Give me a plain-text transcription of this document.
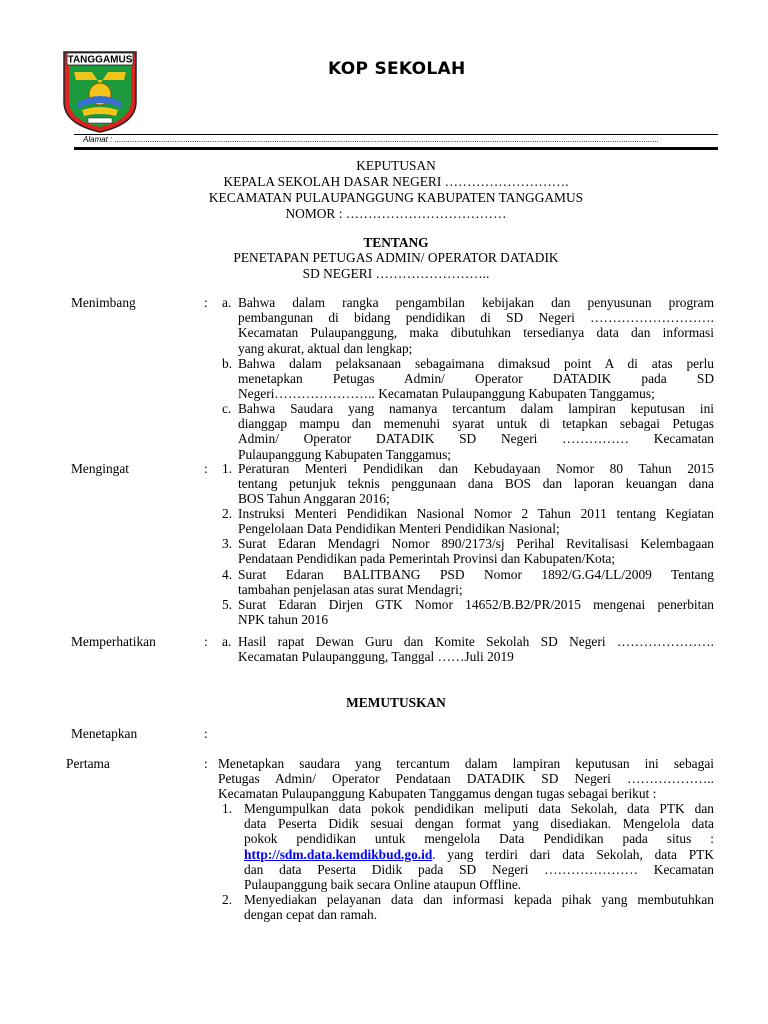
TANGGAMUS	KOP SEKOLAH
Alamat : .....................................................................................................................................................................................................................................................
KEPUTUSAN
KEPALA SEKOLAH DASAR NEGERI ……………………….
KECAMATAN PULAUPANGGUNG KABUPATEN TANGGAMUS
NOMOR : ………………………………
TENTANG
PENETAPAN PETUGAS ADMIN/ OPERATOR DATADIK
SD NEGERI ……………………..
Menimbang	: a. Bahwa dalam rangka pengambilan kebijakan dan penyusunan program
pembangunan di bidang pendidikan di SD Negeri ……………………….
Kecamatan Pulaupanggung, maka dibutuhkan tersedianya data dan informasi
yang akurat, aktual dan lengkap;
b. Bahwa dalam pelaksanaan sebagaimana dimaksud point A di atas perlu
menetapkan Petugas Admin/ Operator DATADIK pada SD
Negeri………………….. Kecamatan Pulaupanggung Kabupaten Tanggamus;
c. Bahwa Saudara yang namanya tercantum dalam lampiran keputusan ini
dianggap mampu dan memenuhi syarat untuk di tetapkan sebagai Petugas
Admin/ Operator DATADIK SD Negeri …………… Kecamatan
Pulaupanggung Kabupaten Tanggamus;
Mengingat	: 1. Peraturan Menteri Pendidikan dan Kebudayaan Nomor 80 Tahun 2015
tentang petunjuk teknis penggunaan dana BOS dan laporan keuangan dana
BOS Tahun Anggaran 2016;
2. Instruksi Menteri Pendidikan Nasional Nomor 2 Tahun 2011 tentang Kegiatan
Pengelolaan Data Pendidikan Menteri Pendidikan Nasional;
3. Surat Edaran Mendagri Nomor 890/2173/sj Perihal Revitalisasi Kelembagaan
Pendataan Pendidikan pada Pemerintah Provinsi dan Kabupaten/Kota;
4. Surat Edaran BALITBANG PSD Nomor 1892/G.G4/LL/2009 Tentang
tambahan penjelasan atas surat Mendagri;
5. Surat Edaran Dirjen GTK Nomor 14652/B.B2/PR/2015 mengenai penerbitan
NPK tahun 2016
Memperhatikan	: a. Hasil rapat Dewan Guru dan Komite Sekolah SD Negeri ………………….
Kecamatan Pulaupanggung, Tanggal ……Juli 2019
MEMUTUSKAN
Menetapkan	:
Pertama	: Menetapkan saudara yang tercantum dalam lampiran keputusan ini sebagai
Petugas Admin/ Operator Pendataan DATADIK SD Negeri ………………..
Kecamatan Pulaupanggung Kabupaten Tanggamus dengan tugas sebagai berikut :
1. Mengumpulkan data pokok pendidikan meliputi data Sekolah, data PTK dan
data Peserta Didik sesuai dengan format yang disediakan. Mengelola data
pokok pendidikan untuk mengelola Data Pendidikan pada situs :
http://sdm.data.kemdikbud.go.id. yang terdiri dari data Sekolah, data PTK
dan data Peserta Didik pada SD Negeri ………………… Kecamatan
Pulaupanggung baik secara Online ataupun Offline.
2. Menyediakan pelayanan data dan informasi kepada pihak yang membutuhkan
dengan cepat dan ramah.
